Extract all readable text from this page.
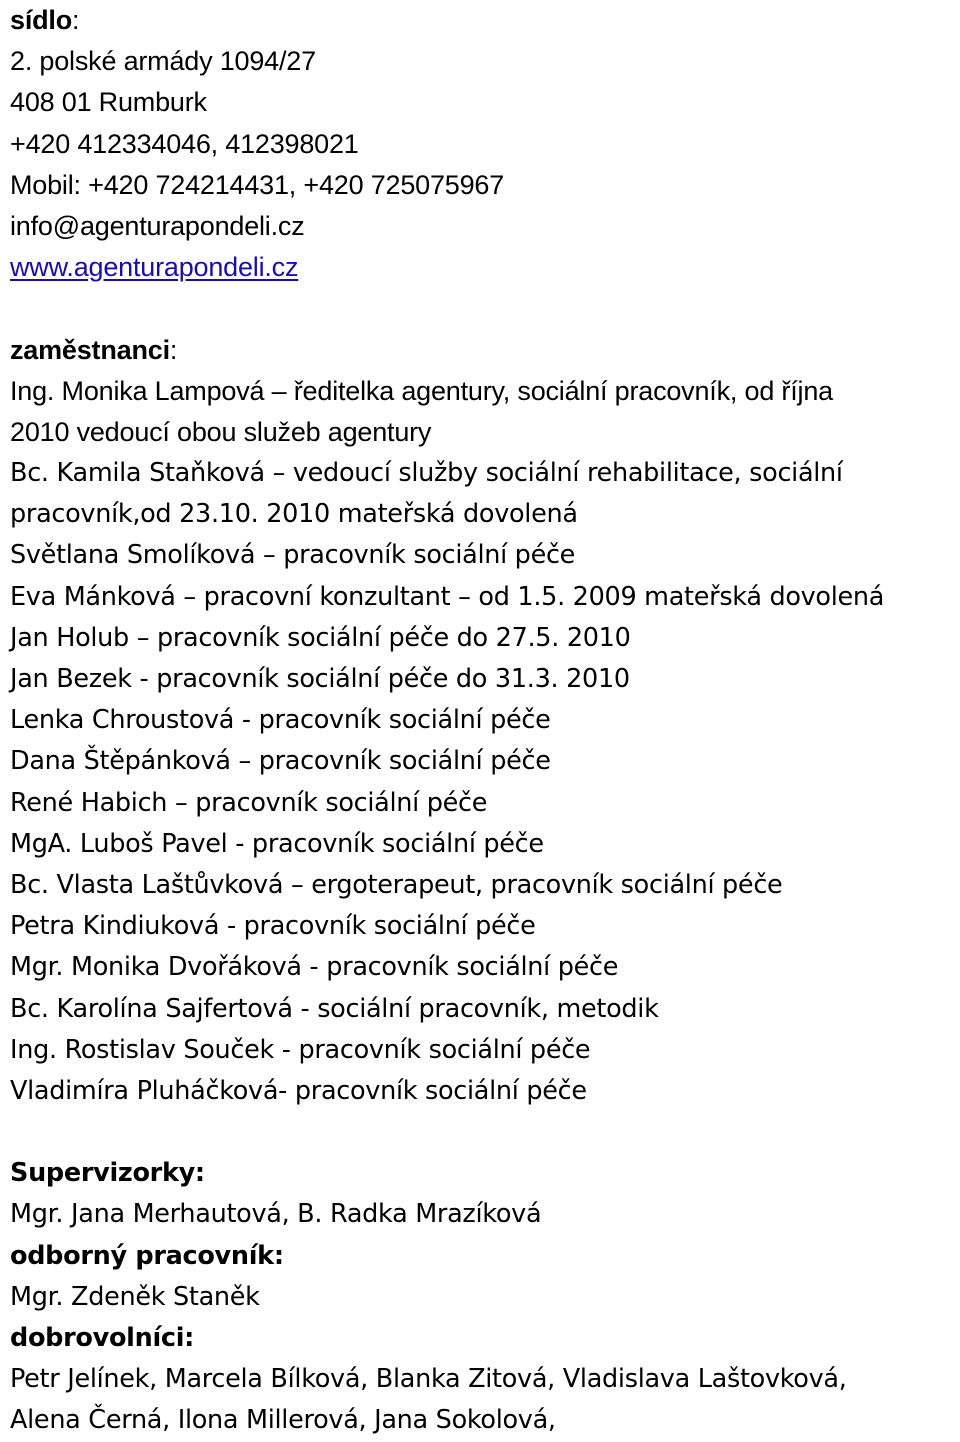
sídlo:
2. polské armády 1094/27
408 01 Rumburk
+420 412334046, 412398021
Mobil: +420 724214431, +420 725075967
info@agenturapondeli.cz
www.agenturapondeli.cz
zaměstnanci:
Ing. Monika Lampová – ředitelka agentury, sociální pracovník, od října
2010 vedoucí obou služeb agentury
Bc. Kamila Staňková – vedoucí služby sociální rehabilitace, sociální
pracovník,od 23.10. 2010 mateřská dovolená
Světlana Smolíková – pracovník sociální péče
Eva Mánková – pracovní konzultant – od 1.5. 2009 mateřská dovolená
Jan Holub – pracovník sociální péče do 27.5. 2010
Jan Bezek - pracovník sociální péče do 31.3. 2010
Lenka Chroustová - pracovník sociální péče
Dana Štěpánková – pracovník sociální péče
René Habich – pracovník sociální péče
MgA. Luboš Pavel - pracovník sociální péče
Bc. Vlasta Laštůvková – ergoterapeut, pracovník sociální péče
Petra Kindiuková - pracovník sociální péče
Mgr. Monika Dvořáková - pracovník sociální péče
Bc. Karolína Sajfertová - sociální pracovník, metodik
Ing. Rostislav Souček - pracovník sociální péče
Vladimíra Pluháčková- pracovník sociální péče
Supervizorky:
Mgr. Jana Merhautová, B. Radka Mrazíková
odborný pracovník:
Mgr. Zdeněk Staněk
dobrovolníci:
Petr Jelínek, Marcela Bílková, Blanka Zitová, Vladislava Laštovková,
Alena Černá, Ilona Millerová, Jana Sokolová,
